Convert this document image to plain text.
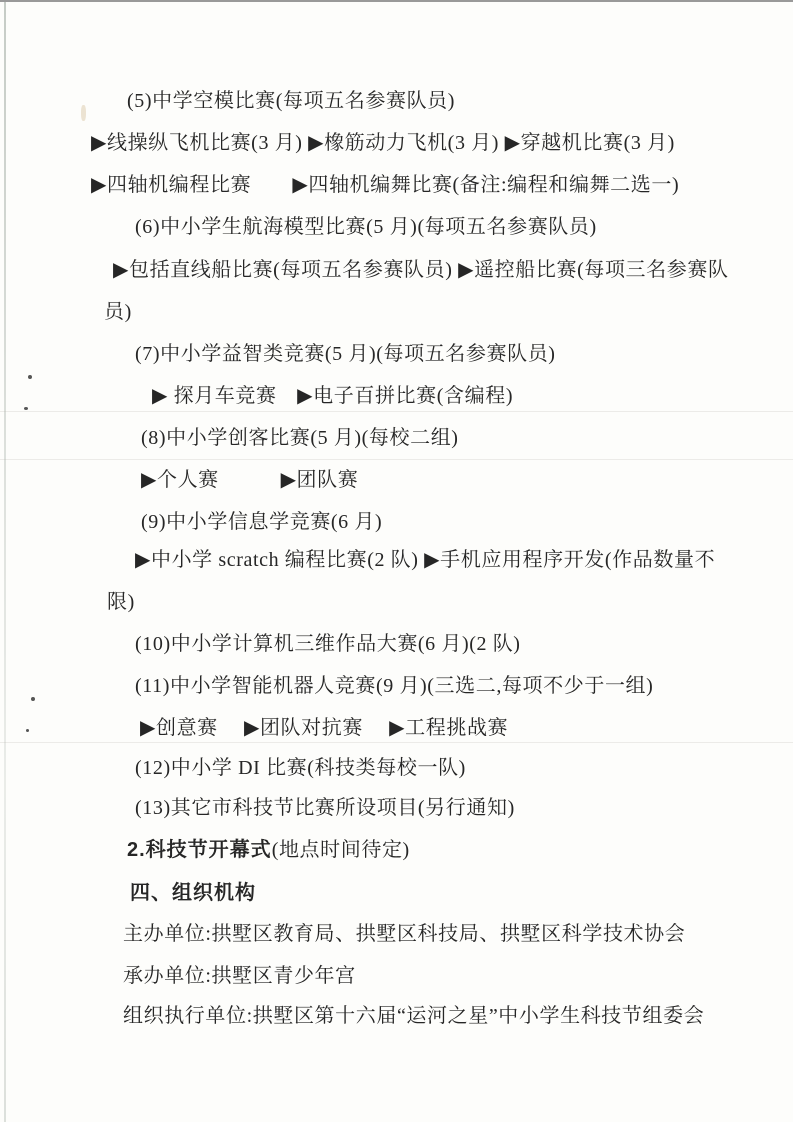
(5)中学空模比赛(每项五名参赛队员)

▶线操纵飞机比赛(3 月) ▶橡筋动力飞机(3 月) ▶穿越机比赛(3 月)

▶四轴机编程比赛　　▶四轴机编舞比赛(备注:编程和编舞二选一)

(6)中小学生航海模型比赛(5 月)(每项五名参赛队员)

▶包括直线船比赛(每项五名参赛队员) ▶遥控船比赛(每项三名参赛队

员)

(7)中小学益智类竞赛(5 月)(每项五名参赛队员)

▶ 探月车竞赛　▶电子百拼比赛(含编程)

(8)中小学创客比赛(5 月)(每校二组)

▶个人赛　　　▶团队赛

(9)中小学信息学竞赛(6 月)

▶中小学 scratch 编程比赛(2 队) ▶手机应用程序开发(作品数量不

限)

(10)中小学计算机三维作品大赛(6 月)(2 队)

(11)中小学智能机器人竞赛(9 月)(三选二,每项不少于一组)

▶创意赛　 ▶团队对抗赛　 ▶工程挑战赛

(12)中小学 DI 比赛(科技类每校一队)

(13)其它市科技节比赛所设项目(另行通知)

2.科技节开幕式(地点时间待定)

四、组织机构

主办单位:拱墅区教育局、拱墅区科技局、拱墅区科学技术协会

承办单位:拱墅区青少年宫

组织执行单位:拱墅区第十六届“运河之星”中小学生科技节组委会
